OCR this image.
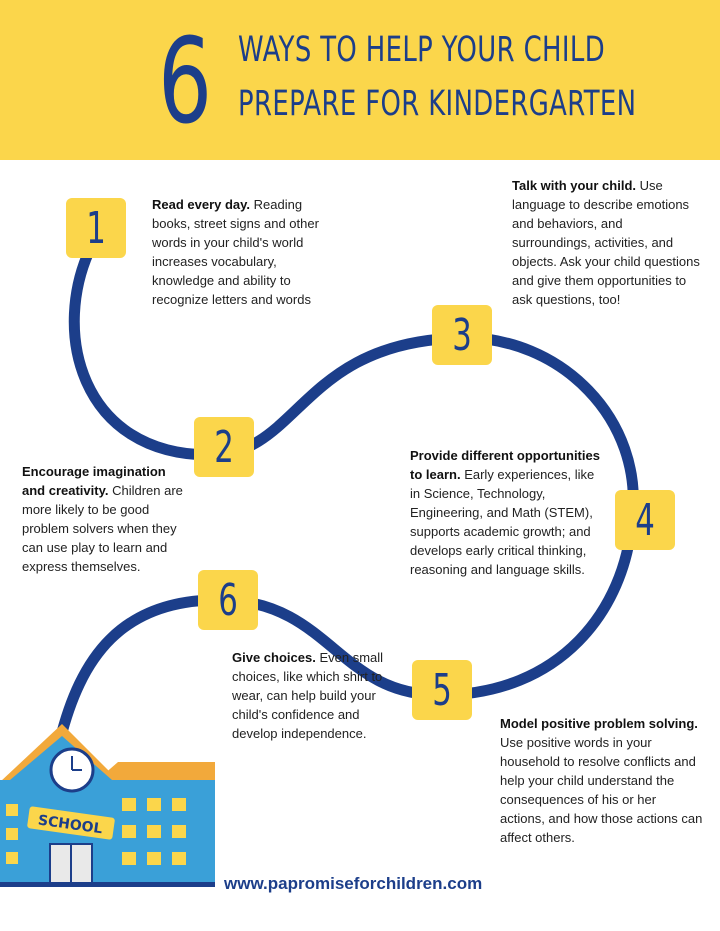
6 WAYS TO HELP YOUR CHILD
PREPARE FOR KINDERGARTEN
1
2
3
4
5
6
Read every day. Reading books, street signs and other words in your child's world increases vocabulary, knowledge and ability to recognize letters and words
Encourage imagination and creativity. Children are more likely to be good problem solvers when they can use play to learn and express themselves.
Talk with your child. Use language to describe emotions and behaviors, and surroundings, activities, and objects. Ask your child questions and give them opportunities to ask questions, too!
Provide different opportunities to learn. Early experiences, like in Science, Technology, Engineering, and Math (STEM), supports academic growth; and develops early critical thinking, reasoning and language skills.
Model positive problem solving. Use positive words in your household to resolve conflicts and help your child understand the consequences of his or her actions, and how those actions can affect others.
Give choices. Even small choices, like which shirt to wear, can help build your child's confidence and develop independence.
SCHOOL
www.papromiseforchildren.com
